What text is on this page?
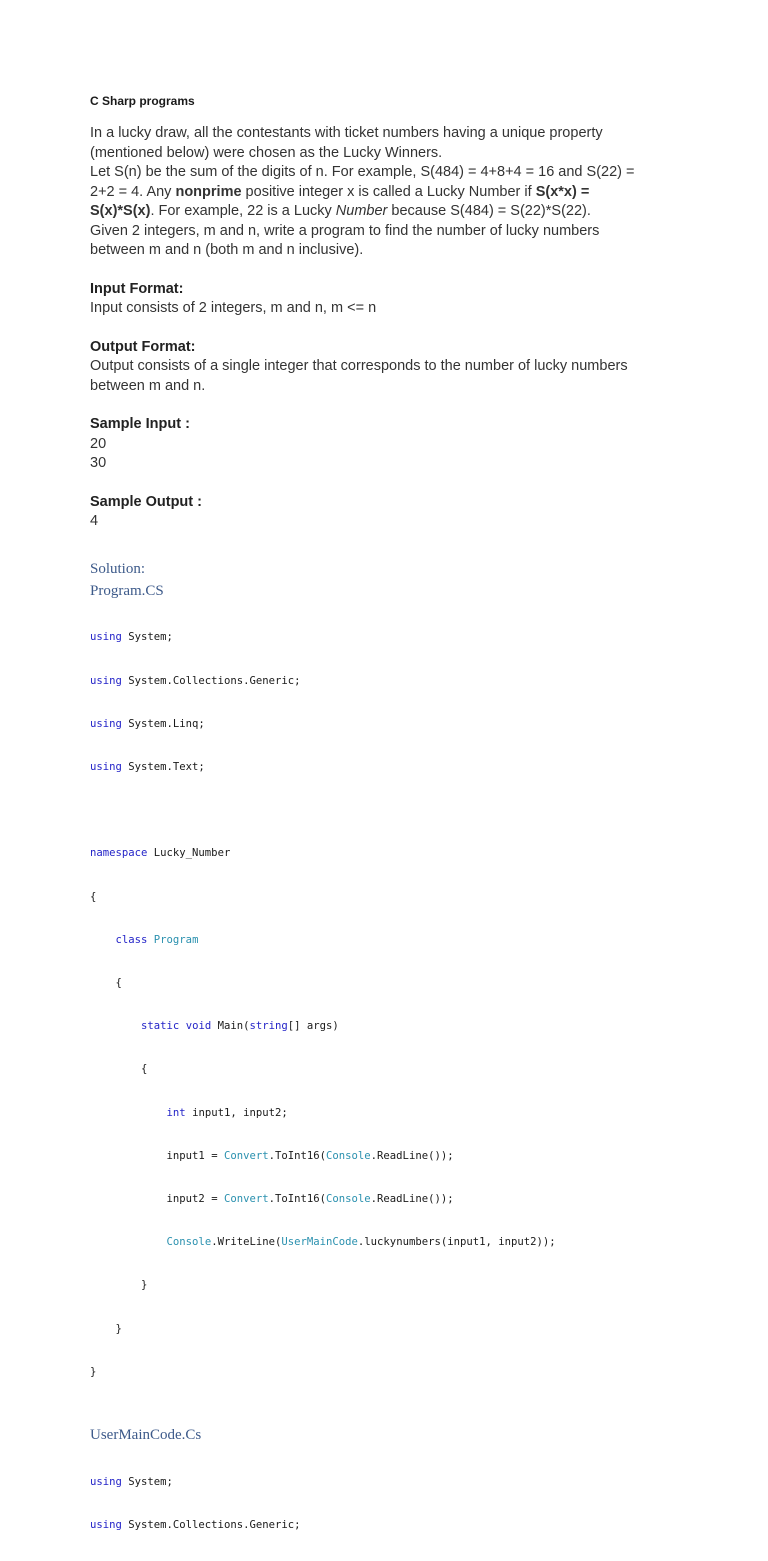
C Sharp programs

In a lucky draw, all the contestants with ticket numbers having a unique property

(mentioned below) were chosen as the Lucky Winners.

Let S(n) be the sum of the digits of n. For example, S(484) = 4+8+4 = 16 and S(22) =

2+2 = 4. Any nonprime positive integer x is called a Lucky Number if S(x*x) =

S(x)*S(x). For example, 22 is a Lucky Number because S(484) = S(22)*S(22).

Given 2 integers, m and n, write a program to find the number of lucky numbers

between m and n (both m and n inclusive).

Input Format:

Input consists of 2 integers, m and n, m <= n

Output Format:

Output consists of a single integer that corresponds to the number of lucky numbers

between m and n.

Sample Input :

20

30

Sample Output :

4

Solution:

Program.CS

using System;

using System.Collections.Generic;

using System.Linq;

using System.Text;

namespace Lucky_Number

{

class Program

{

static void Main(string[] args)

{

int input1, input2;

input1 = Convert.ToInt16(Console.ReadLine());

input2 = Convert.ToInt16(Console.ReadLine());

Console.WriteLine(UserMainCode.luckynumbers(input1, input2));

}

}

}

UserMainCode.Cs

using System;

using System.Collections.Generic;
